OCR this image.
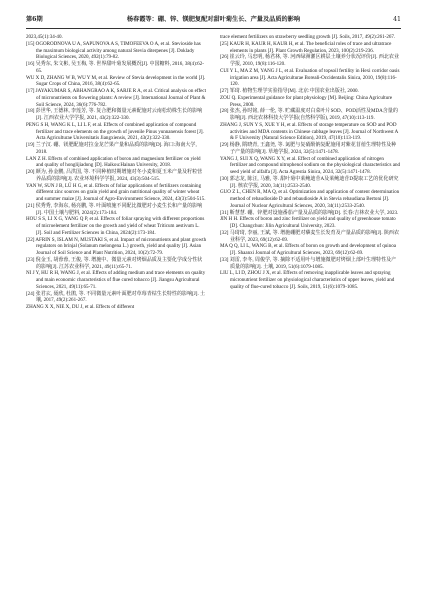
第6期	杨春霞等：硼、锌、镁肥复配对甜叶菊生长、产量及品质的影响	41

2023,45(1):34-40.

[15] OGORODNOVA U A, SAPUNOVA A S, TIMOFEEVA O A, et al. Stevioside has the maximum biological activity among natural Stevia diterpenes [J]. Doklady Biological Sciences, 2020, 492(1):79-82.

[16] 吴秀东, 朱文彬, 吴玉梅, 等. 世界甜叶菊发展概况[J]. 中国糖料, 2016, 38(4):62-65.

WU X D, ZHANG W B, WU Y M, et al. Review of Stevia development in the world [J]. Sugar Crops of China, 2016, 38(4):62-65.

[17] JAYAKUMAR S, ABHANGRAO A K, SARJE R A, et al. Critical analysis on effect of micronutrients on flowering plants: A review [J]. International Journal of Plant & Soil Science, 2024, 36(6):776-782.

[18] 彭世华, 王德林, 李莲芳, 等. 复合肥和微量元素配施对云南松幼株生长的影响[J]. 江西农业大学学报, 2021, 43(2):322-330.

PENG S H, WANG K L, LI L F, et al. Effects of combined application of compound fertilizer and trace elements on the growth of juvenile Pinus yunnanensis forest [J]. Acta Agriculturae Universitatis Jiangxiensis, 2021, 43(2):322-330.

[19] 兰子汉. 硼、镁肥配施对拉金龙芒果产量和品质的影响[D]. 海口:海南大学, 2018.

LAN Z H. Effects of combined application of boron and magnesium fertilizer on yield and quality of honglijiadong [D]. Haikou:Hainan University, 2018.

[20] 颜为, 孙金鹏, 吕洪国, 等. 不同种植时期增施对冬小麦和夏玉米产量及籽粒营养品质的影响[J]. 农业环境科学学报, 2024, 43(3):504-515.

YAN W, SUN J B, LÜ H G, et al. Effects of foliar applications of fertilizers containing different zinc sources on grain yield and grain nutritional quality of winter wheat and summer maize [J]. Journal of Agro-Environment Science, 2024, 43(3):504-515.

[21] 侯秀秀, 李海东, 杨亮鹏, 等. 叶面喷施不同配比微肥对小麦生长和产量的影响[J]. 中国土壤与肥料, 2024(2):173-184.

HOU S S, LI X G, YANG Q P, et al. Effects of foliar spraying with different proportions of microelement fertilizer on the growth and yield of wheat Triticum aestivum L. [J]. Soil and Fertilizer Sciences in China, 2024(2):173-184.

[22] AFRIN S, ISLAM N, MUSTAKI S, et al. Impact of micronutrients and plant growth regulators on brinjal (Solanum melongena L.) growth, yield and quality [J]. Asian Journal of Soil Science and Plant Nutrition, 2024, 10(2):72-79.

[23] 倪金玉, 胡蓉蓉, 王俊, 等. 增施中、微量元素对烤烟品质及主要化学成分性状的影响[J]. 江苏农业科学, 2021, 49(11):65-71.

NI J Y, HU R H, WANG J, et al. Effects of adding medium and trace elements on quality and main economic characteristics of flue cured tobacco [J]. Jiangsu Agricultural Sciences, 2021, 49(11):65-71.

[24] 张君玄, 聂欣, 杜鹃, 等. 不同微量元素叶面肥对草莓青枯生长特性的影响[J]. 土壤, 2017, 49(2):261-267.

ZHANG X X, NIE X, DU J, et al. Effects of different

trace element fertilizers on strawberry seedling growth [J]. Soils, 2017, 49(2):261-267.

[25] KAUR H, KAUR H, KAUR H, et al. The beneficial roles of trace and ultratrace elements in plants [J]. Plant Growth Regulation, 2023, 100(2):219-236.

[26] 崔云玲, 马忠明, 杨君林, 等. 河西绿洲灌区耕层土壤养分状况评价[J]. 西北农业学报, 2010, 19(8):116-120.

CUI Y L, MA Z M, YANG J L, et al. Evaluation of topsoil fertility in Hexi corridor oasis irrigation area [J]. Acta Agriculturae Boreali-Occidentalis Sinica, 2010, 19(8):116-120.

[27] 邹琦. 植物生理学实验指导[M]. 北京:中国农业出版社, 2000.

ZOU Q. Experimental guidance for plant physiology [M]. Beijing: China Agriculture Press, 2000.

[28] 张杰, 孙时铭, 薛一伦, 等. 贮藏温度对白菜叶片SOD、POD活性及MDA含量的影响[J]. 西北农林科技大学学报(自然科学版), 2019, 47(10):113-119.

ZHANG J, SUN Y S, XUE Y H, et al. Effects of storage temperature on SOD and POD activities and MDA contents in Chinese cabbage leaves [J]. Journal of Northwest A & F University (Natural Science Edition), 2019, 47(10):113-119.

[29] 杨静, 隋晓青, 王鑫尧, 等. 氮肥与复硝酚钠复配施用对紫花苜蓿生理特性及种子产量的影响[J]. 草地学报, 2024, 32(5):1471-1478.

YANG J, SUI X Q, WANG X Y, et al. Effect of combined application of nitrogen fertilizer and compound nitrophenol sodium on the physiological characteristics and seed yield of alfalfa [J]. Acta Agrestia Sinica, 2024, 32(5):1471-1478.

[30] 郭志龙, 陈汪, 马雅, 等. 甜叶菊中莱鲍迪苷A及莱鲍迪苷D提取工艺的优化研究[J]. 核农学报, 2020, 34(11):2533-2540.

GUO Z L, CHEN R, MA Q, et al. Optimization and application of content determination method of rebaudioside D and rebaudioside A in Stevia rebaudiana Bertoni [J]. Journal of Nuclear Agricultural Sciences, 2020, 34(11):2533-2540.

[31] 靳慧慧. 硼、锌肥对设施番茄产量及品质的影响[D]. 长春:吉林农业大学, 2023.

JIN H H. Effects of boron and zinc fertilizer on yield and quality of greenhouse tomato [D]. Changchun: Jilin Agricultural University, 2023.

[32] 马琦琦, 李丽, 王斌, 等. 增施硼肥对藜麦生长发育及产量品质的影响[J]. 陕西农业科学, 2023, 69(12):62-69.

MA Q Q, LI L, WANG B, et al. Effects of boron on growth and development of quinoa [J]. Shaanxi Journal of Agricultural Sciences, 2023, 69(12):62-69.

[33] 刘雷, 李冬, 周俊学, 等. 摘除不适用叶与增施微肥对烤烟上部叶生理特性及产质量的影响[J]. 土壤, 2019, 51(6):1079-1085.

LIU L, LI D, ZHOU J X, et al. Effects of removing inapplicable leaves and spraying micronutrient fertilizer on physiological characteristics of upper leaves, yield and quality of flue-cured tobacco [J]. Soils, 2019, 51(6):1079-1085.
